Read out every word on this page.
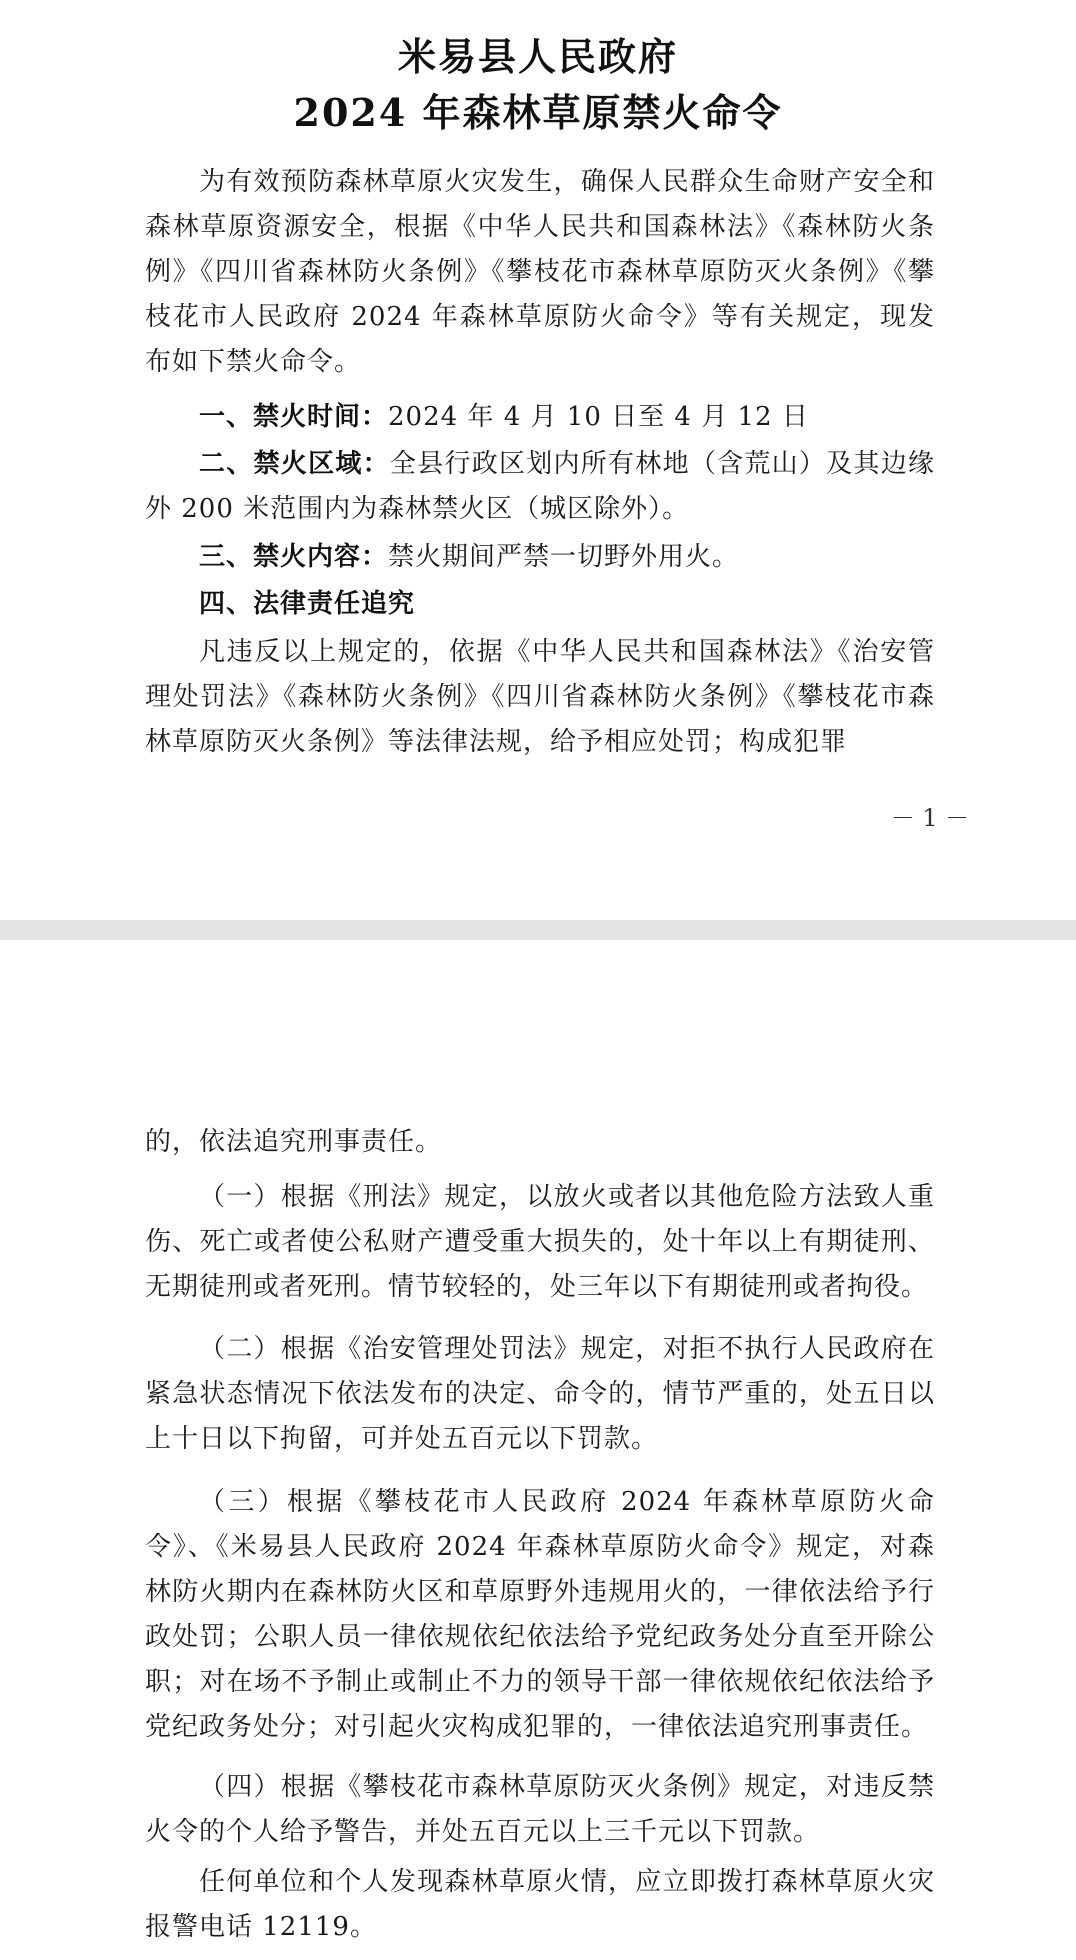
米易县人民政府
2024 年森林草原禁火命令

为有效预防森林草原火灾发生，确保人民群众生命财产安全和森林草原资源安全，根据《中华人民共和国森林法》《森林防火条例》《四川省森林防火条例》《攀枝花市森林草原防灭火条例》《攀枝花市人民政府 2024 年森林草原防火命令》等有关规定，现发布如下禁火命令。

一、禁火时间：2024 年 4 月 10 日至 4 月 12 日

二、禁火区域：全县行政区划内所有林地（含荒山）及其边缘外 200 米范围内为森林禁火区（城区除外）。

三、禁火内容：禁火期间严禁一切野外用火。

四、法律责任追究

凡违反以上规定的，依据《中华人民共和国森林法》《治安管理处罚法》《森林防火条例》《四川省森林防火条例》《攀枝花市森林草原防灭火条例》等法律法规，给予相应处罚；构成犯罪

－ 1 －

的，依法追究刑事责任。

（一）根据《刑法》规定，以放火或者以其他危险方法致人重伤、死亡或者使公私财产遭受重大损失的，处十年以上有期徒刑、无期徒刑或者死刑。情节较轻的，处三年以下有期徒刑或者拘役。

（二）根据《治安管理处罚法》规定，对拒不执行人民政府在紧急状态情况下依法发布的决定、命令的，情节严重的，处五日以上十日以下拘留，可并处五百元以下罚款。

（三）根据《攀枝花市人民政府 2024 年森林草原防火命令》、《米易县人民政府 2024 年森林草原防火命令》规定，对森林防火期内在森林防火区和草原野外违规用火的，一律依法给予行政处罚；公职人员一律依规依纪依法给予党纪政务处分直至开除公职；对在场不予制止或制止不力的领导干部一律依规依纪依法给予党纪政务处分；对引起火灾构成犯罪的，一律依法追究刑事责任。

（四）根据《攀枝花市森林草原防灭火条例》规定，对违反禁火令的个人给予警告，并处五百元以上三千元以下罚款。

任何单位和个人发现森林草原火情，应立即拨打森林草原火灾报警电话 12119。
